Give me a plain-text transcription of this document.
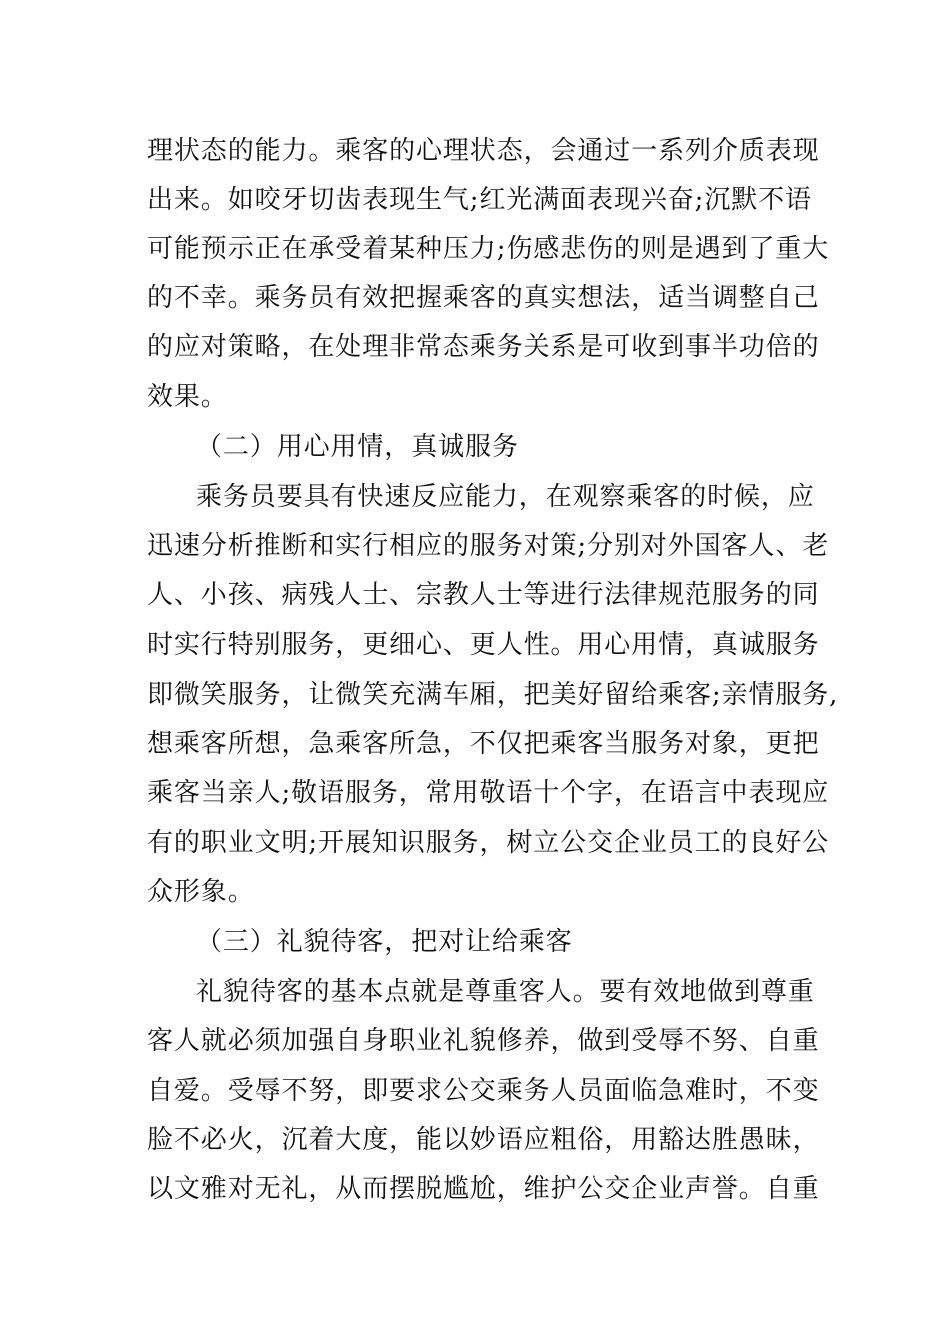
理状态的能力。乘客的心理状态，会通过一系列介质表现
出来。如咬牙切齿表现生气;红光满面表现兴奋;沉默不语
可能预示正在承受着某种压力;伤感悲伤的则是遇到了重大
的不幸。乘务员有效把握乘客的真实想法，适当调整自己
的应对策略，在处理非常态乘务关系是可收到事半功倍的
效果。
（二）用心用情，真诚服务
乘务员要具有快速反应能力，在观察乘客的时候，应
迅速分析推断和实行相应的服务对策;分别对外国客人、老
人、小孩、病残人士、宗教人士等进行法律规范服务的同
时实行特别服务，更细心、更人性。用心用情，真诚服务
即微笑服务，让微笑充满车厢，把美好留给乘客;亲情服务,
想乘客所想，急乘客所急，不仅把乘客当服务对象，更把
乘客当亲人;敬语服务，常用敬语十个字，在语言中表现应
有的职业文明;开展知识服务，树立公交企业员工的良好公
众形象。
（三）礼貌待客，把对让给乘客
礼貌待客的基本点就是尊重客人。要有效地做到尊重
客人就必须加强自身职业礼貌修养，做到受辱不努、自重
自爱。受辱不努，即要求公交乘务人员面临急难时，不变
脸不必火，沉着大度，能以妙语应粗俗，用豁达胜愚昧，
以文雅对无礼，从而摆脱尴尬，维护公交企业声誉。自重
